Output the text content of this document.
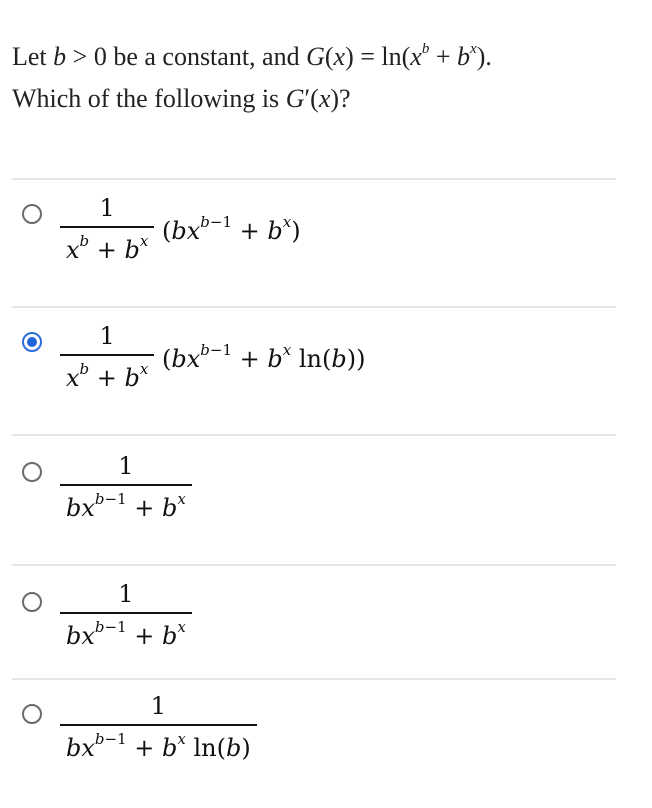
Let b > 0 be a constant, and $G(x) = \ln(x^b + b^x)$.
Which of the following is G′(x)?
$\frac{1}{x^b + b^x} (bx^{b-1} + b^x)$
$\frac{1}{x^b + b^x} (bx^{b-1} + b^x$ ln(b))
$\frac{1}{bx^{b-1} + b^x}$
$\frac{1}{bx^{b-1} + b^x}$
$\frac{1}{bx^{b-1} + b^x \ln(b)}$
